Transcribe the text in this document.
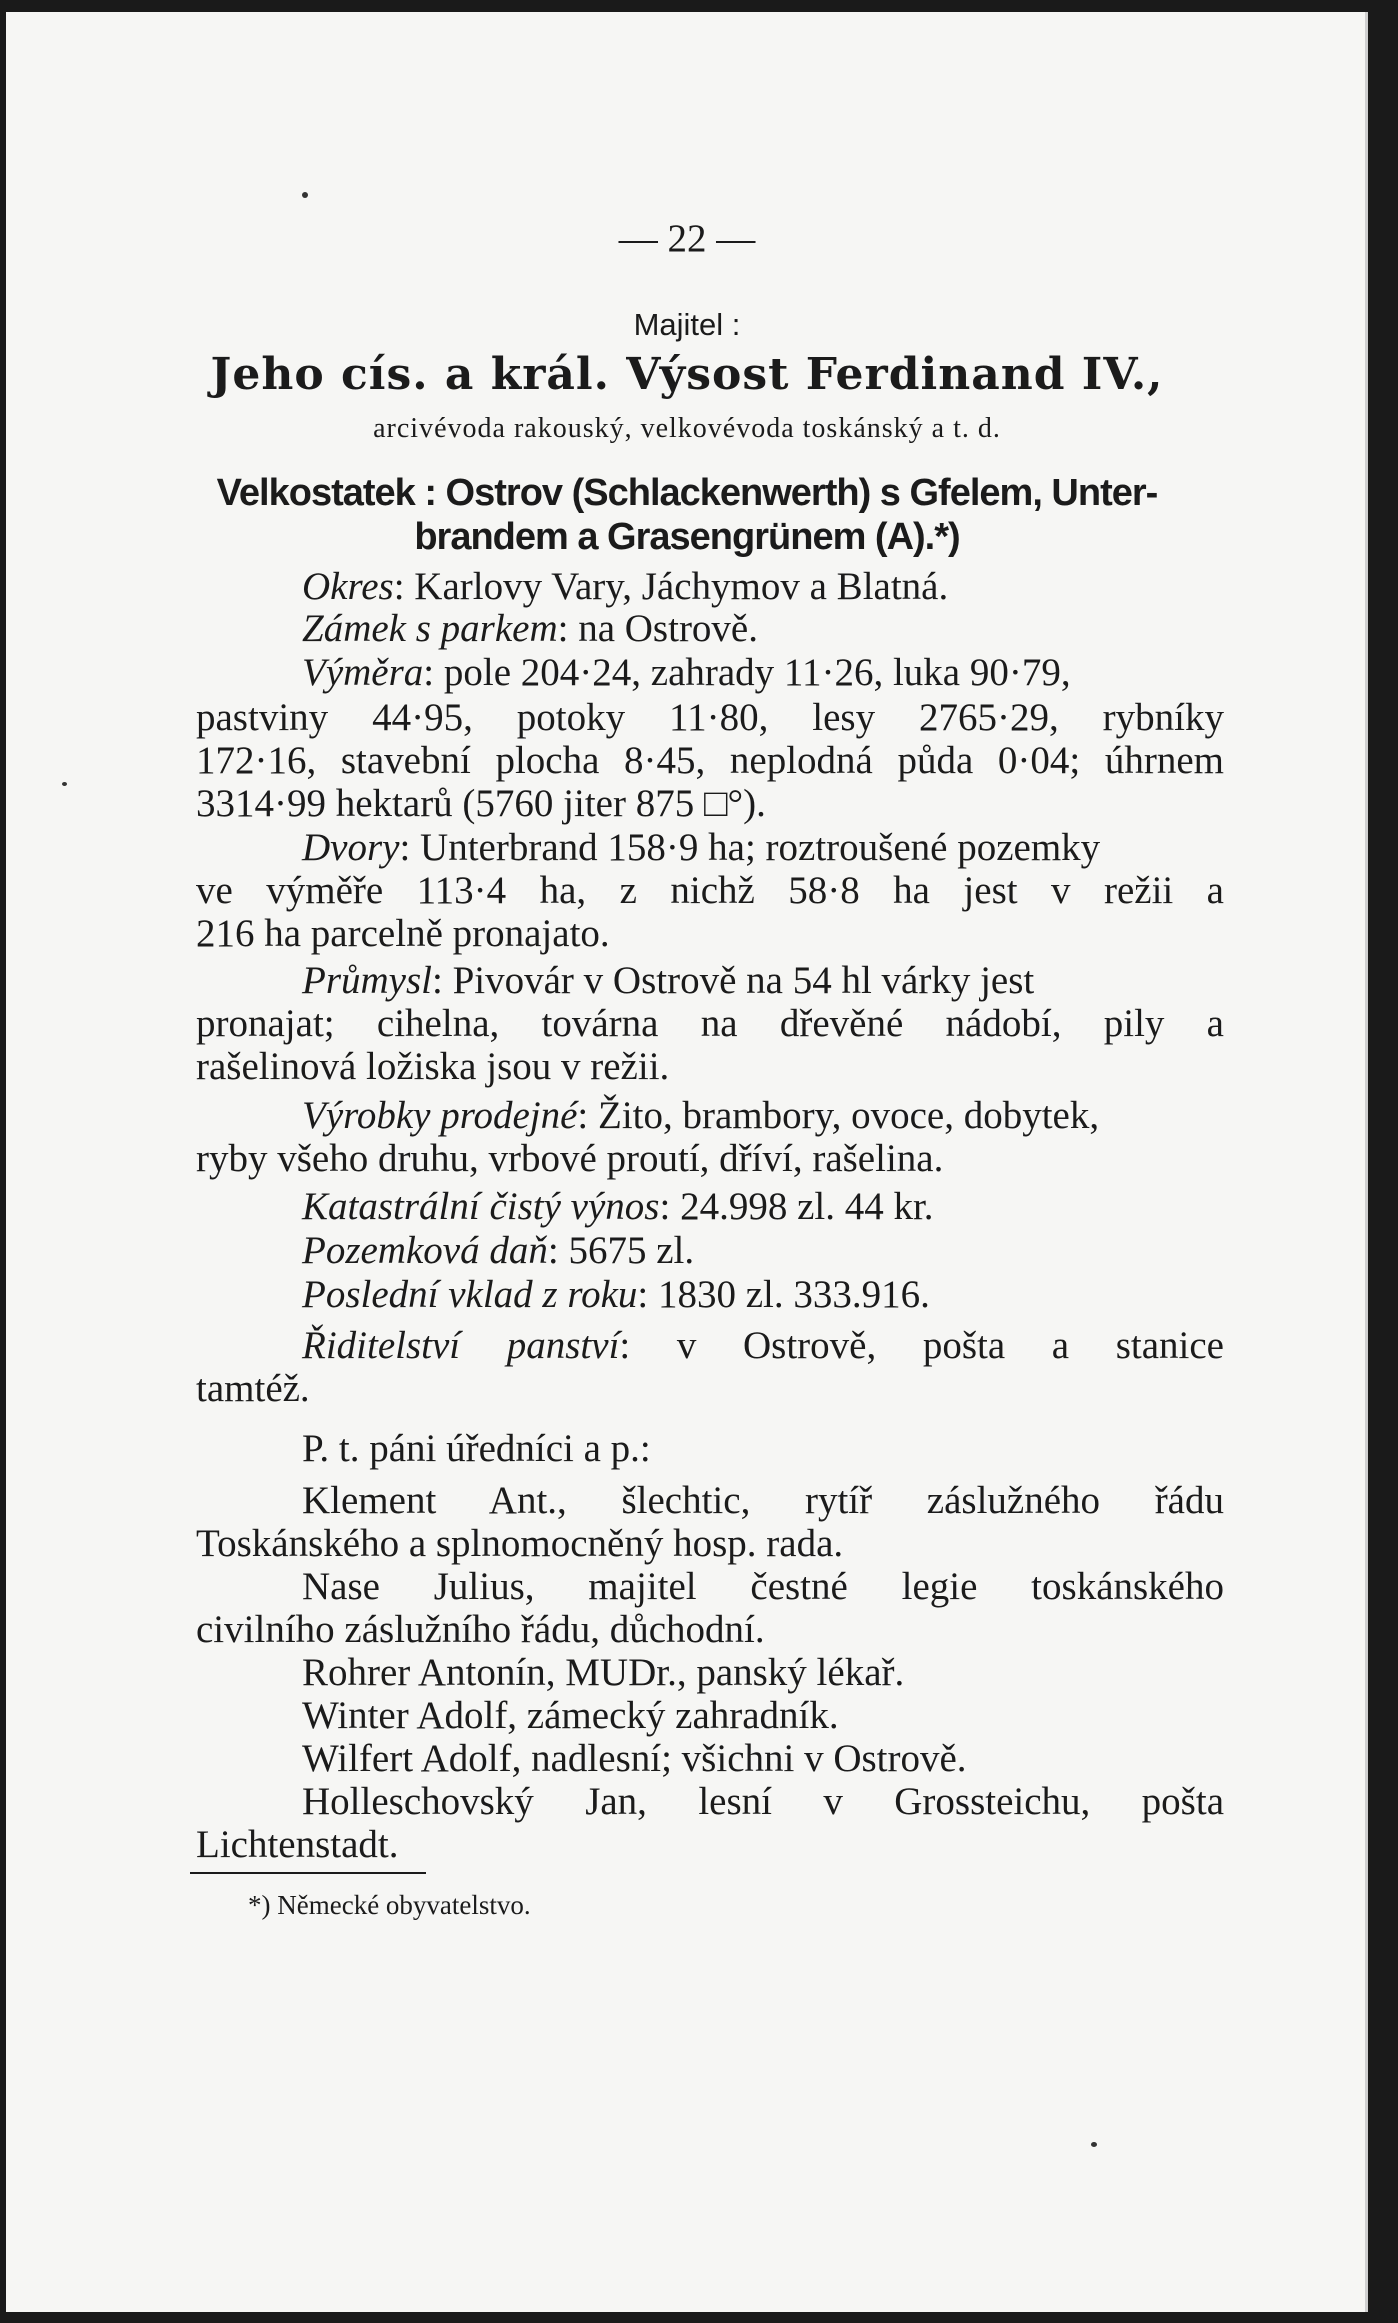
— 22 —
Majitel :
Jeho cís. a král. Výsost Ferdinand IV.,
arcivévoda rakouský, velkovévoda toskánský a t. d.
Velkostatek : Ostrov (Schlackenwerth) s Gfelem, Unter-
brandem a Grasengrünem (A).*)
Okres: Karlovy Vary, Jáchymov a Blatná.
Zámek s parkem: na Ostrově.
Výměra: pole 204·24, zahrady 11·26, luka 90·79,
pastviny 44·95, potoky 11·80, lesy 2765·29, rybníky
172·16, stavební plocha 8·45, neplodná půda 0·04; úhrnem
3314·99 hektarů (5760 jiter 875 □°).
Dvory: Unterbrand 158·9 ha; roztroušené pozemky
ve výměře 113·4 ha, z nichž 58·8 ha jest v režii a
216 ha parcelně pronajato.
Průmysl: Pivovár v Ostrově na 54 hl várky jest
pronajat; cihelna, továrna na dřevěné nádobí, pily a
rašelinová ložiska jsou v režii.
Výrobky prodejné: Žito, brambory, ovoce, dobytek,
ryby všeho druhu, vrbové proutí, dříví, rašelina.
Katastrální čistý výnos: 24.998 zl. 44 kr.
Pozemková daň: 5675 zl.
Poslední vklad z roku: 1830 zl. 333.916.
Řiditelství panství: v Ostrově, pošta a stanice
tamtéž.
P. t. páni úředníci a p.:
Klement Ant., šlechtic, rytíř záslužného řádu
Toskánského a splnomocněný hosp. rada.
Nase Julius, majitel čestné legie toskánského
civilního záslužního řádu, důchodní.
Rohrer Antonín, MUDr., panský lékař.
Winter Adolf, zámecký zahradník.
Wilfert Adolf, nadlesní; všichni v Ostrově.
Holleschovský Jan, lesní v Grossteichu, pošta
Lichtenstadt.
*) Německé obyvatelstvo.
